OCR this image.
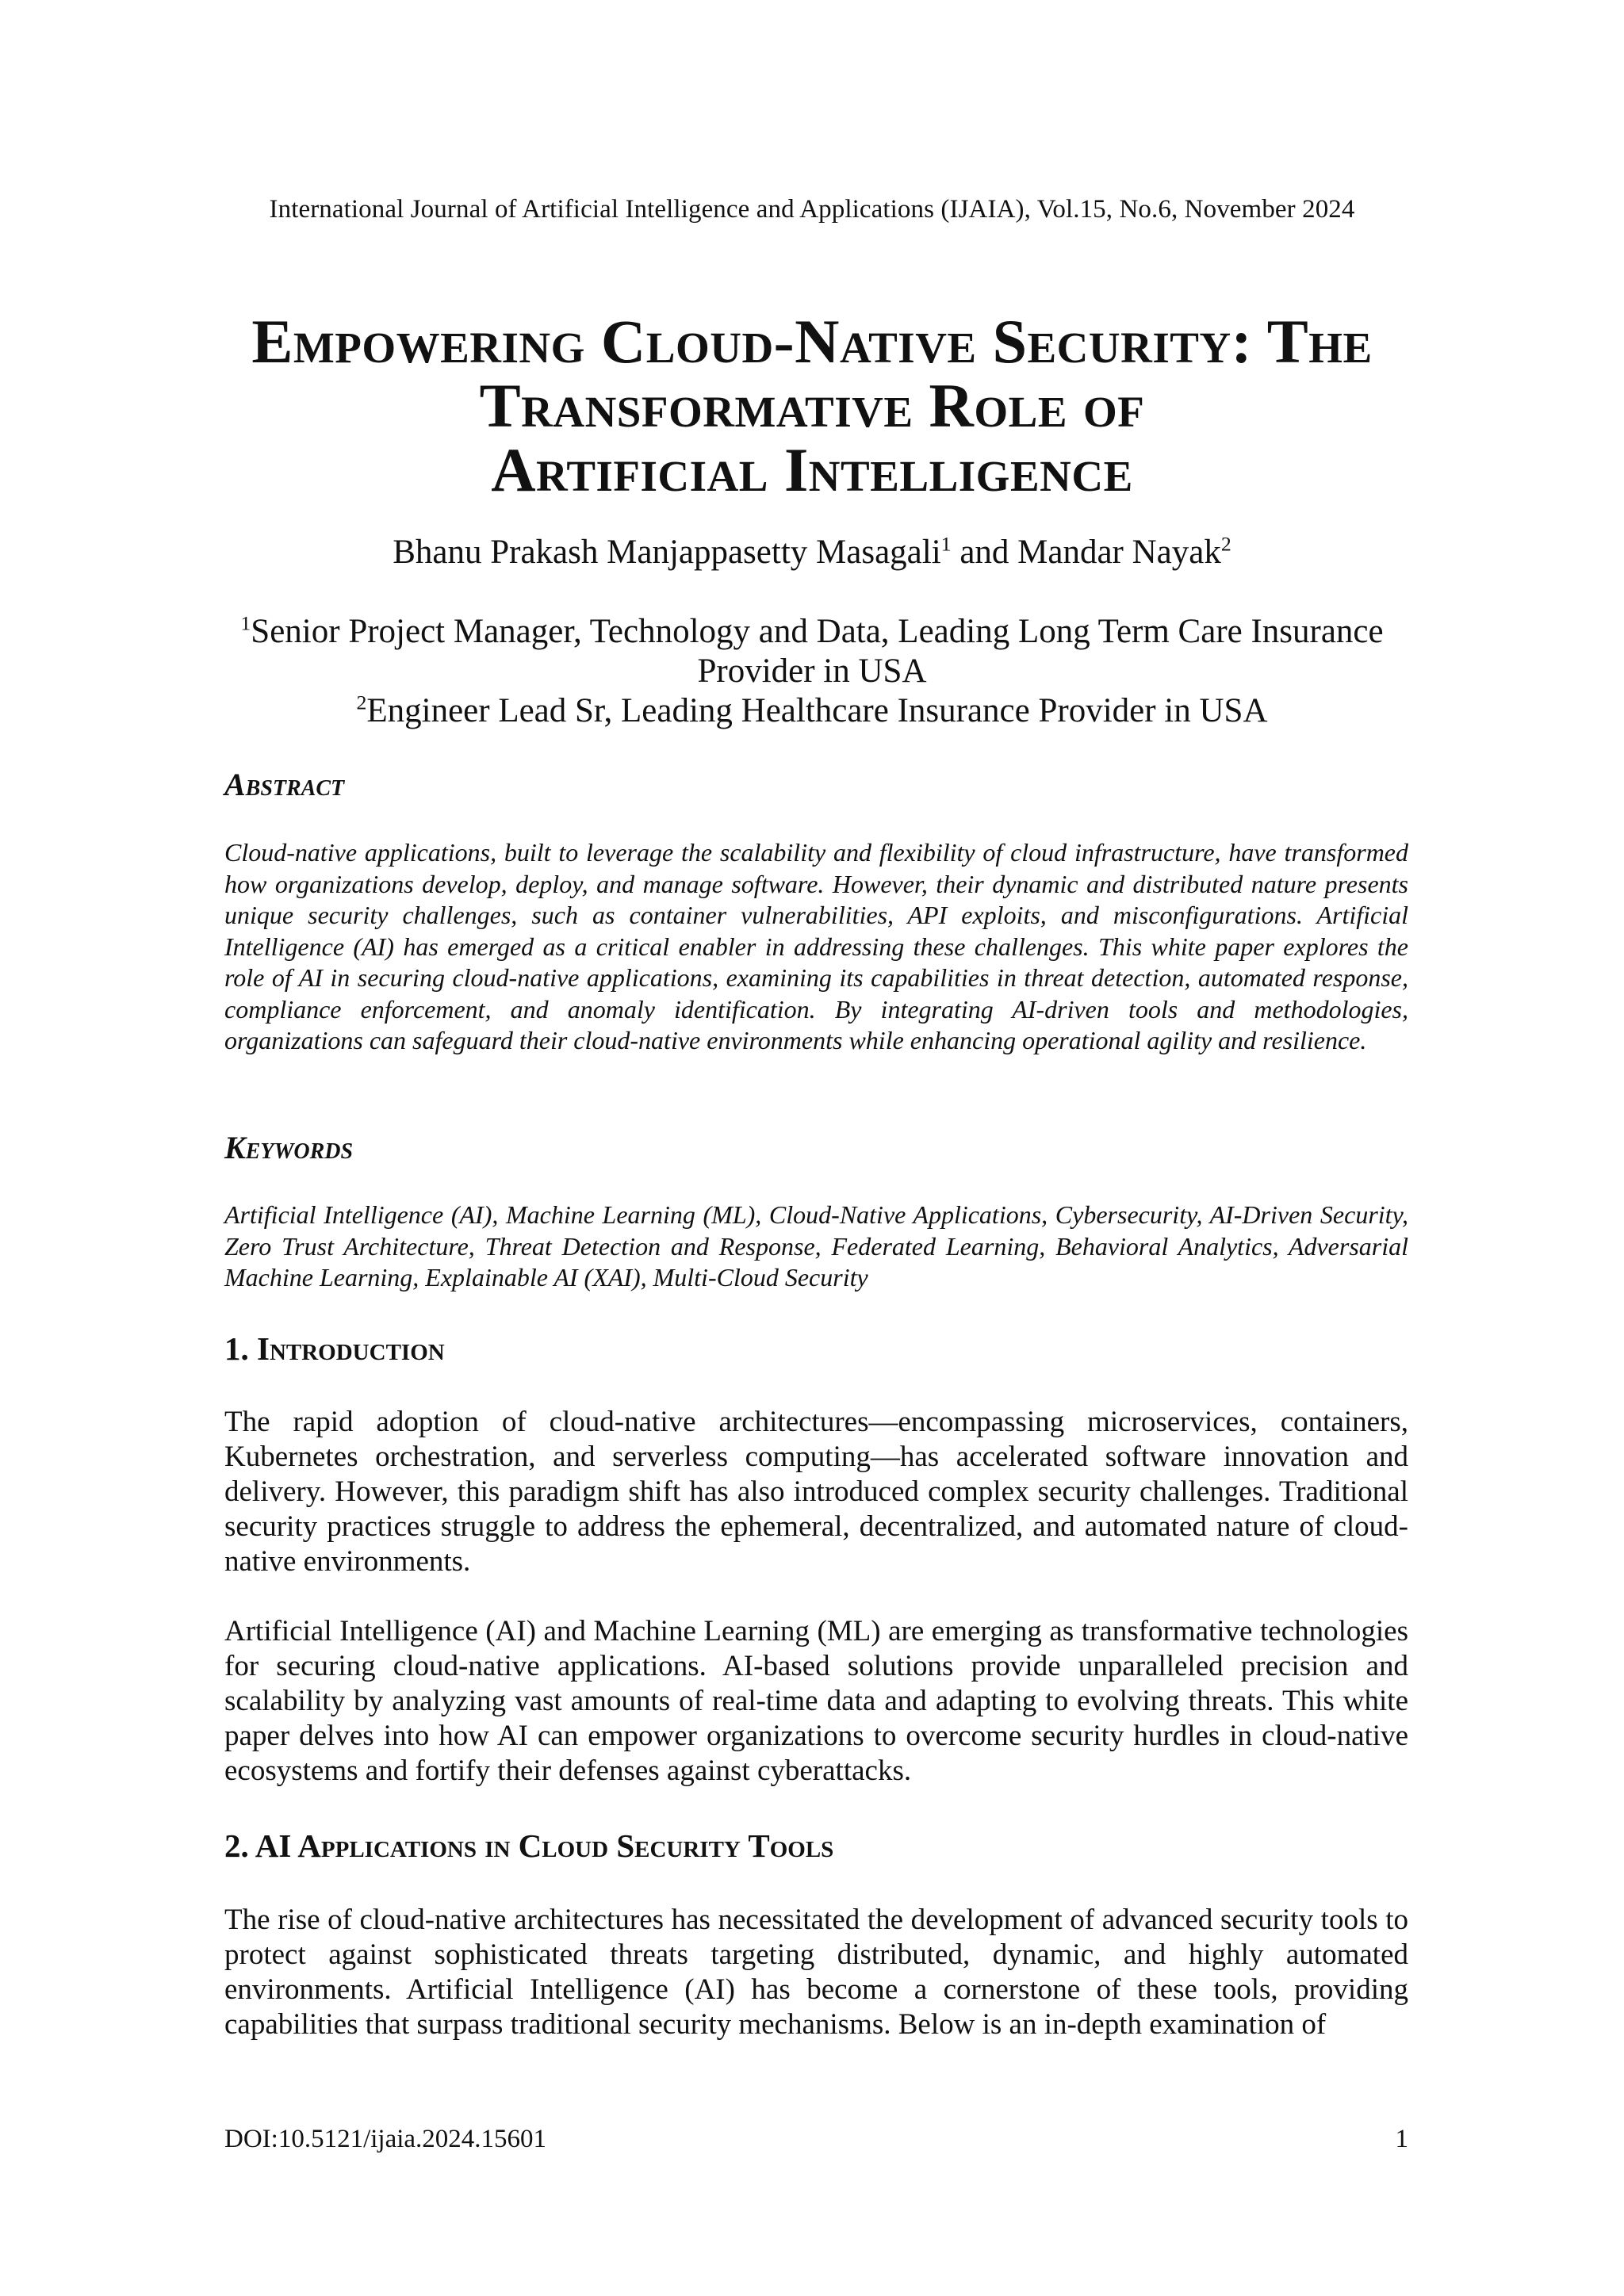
International Journal of Artificial Intelligence and Applications (IJAIA), Vol.15, No.6, November 2024
Empowering Cloud-Native Security: The
Transformative Role of
Artificial Intelligence
Bhanu Prakash Manjappasetty Masagali$^1$ and Mandar Nayak$^2$
$^1$Senior Project Manager, Technology and Data, Leading Long Term Care Insurance
Provider in USA
$^2$Engineer Lead Sr, Leading Healthcare Insurance Provider in USA
Abstract
Cloud-native applications, built to leverage the scalability and flexibility of cloud infrastructure, have transformed how organizations develop, deploy, and manage software. However, their dynamic and distributed nature presents unique security challenges, such as container vulnerabilities, API exploits, and misconfigurations. Artificial Intelligence (AI) has emerged as a critical enabler in addressing these challenges. This white paper explores the role of AI in securing cloud-native applications, examining its capabilities in threat detection, automated response, compliance enforcement, and anomaly identification. By integrating AI-driven tools and methodologies, organizations can safeguard their cloud-native environments while enhancing operational agility and resilience.
Keywords
Artificial Intelligence (AI), Machine Learning (ML), Cloud-Native Applications, Cybersecurity, AI-Driven Security, Zero Trust Architecture, Threat Detection and Response, Federated Learning, Behavioral Analytics, Adversarial Machine Learning, Explainable AI (XAI), Multi-Cloud Security
1. Introduction
The rapid adoption of cloud-native architectures—encompassing microservices, containers, Kubernetes orchestration, and serverless computing—has accelerated software innovation and delivery. However, this paradigm shift has also introduced complex security challenges. Traditional security practices struggle to address the ephemeral, decentralized, and automated nature of cloud-native environments.
Artificial Intelligence (AI) and Machine Learning (ML) are emerging as transformative technologies for securing cloud-native applications. AI-based solutions provide unparalleled precision and scalability by analyzing vast amounts of real-time data and adapting to evolving threats. This white paper delves into how AI can empower organizations to overcome security hurdles in cloud-native ecosystems and fortify their defenses against cyberattacks.
2. AI Applications in Cloud Security Tools
The rise of cloud-native architectures has necessitated the development of advanced security tools to protect against sophisticated threats targeting distributed, dynamic, and highly automated environments. Artificial Intelligence (AI) has become a cornerstone of these tools, providing capabilities that surpass traditional security mechanisms. Below is an in-depth examination of
DOI:10.5121/ijaia.2024.15601	1
